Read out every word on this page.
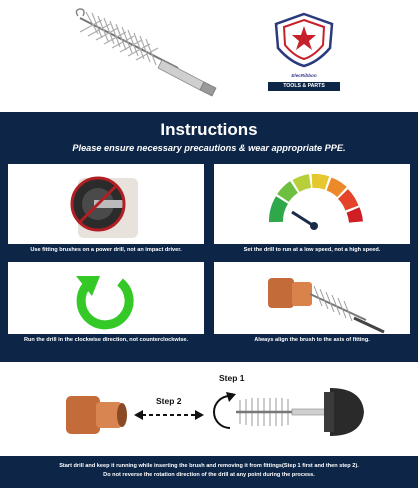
ElecRibbon
TOOLS & PARTS
Instructions
Please ensure necessary precautions & wear appropriate PPE.
Use fitting brushes on a power drill, not an impact driver.	Set the drill to run at a low speed, not a high speed.
Run the drill in the clockwise direction, not counterclockwise.	Always align the brush to the axis of fitting.
Step 2
Step 1
Start drill and keep it running while inserting the brush and removing it from fittings(Step 1 first and then step 2).
Do not reverse the rotation direction of the drill at any point during the process.
